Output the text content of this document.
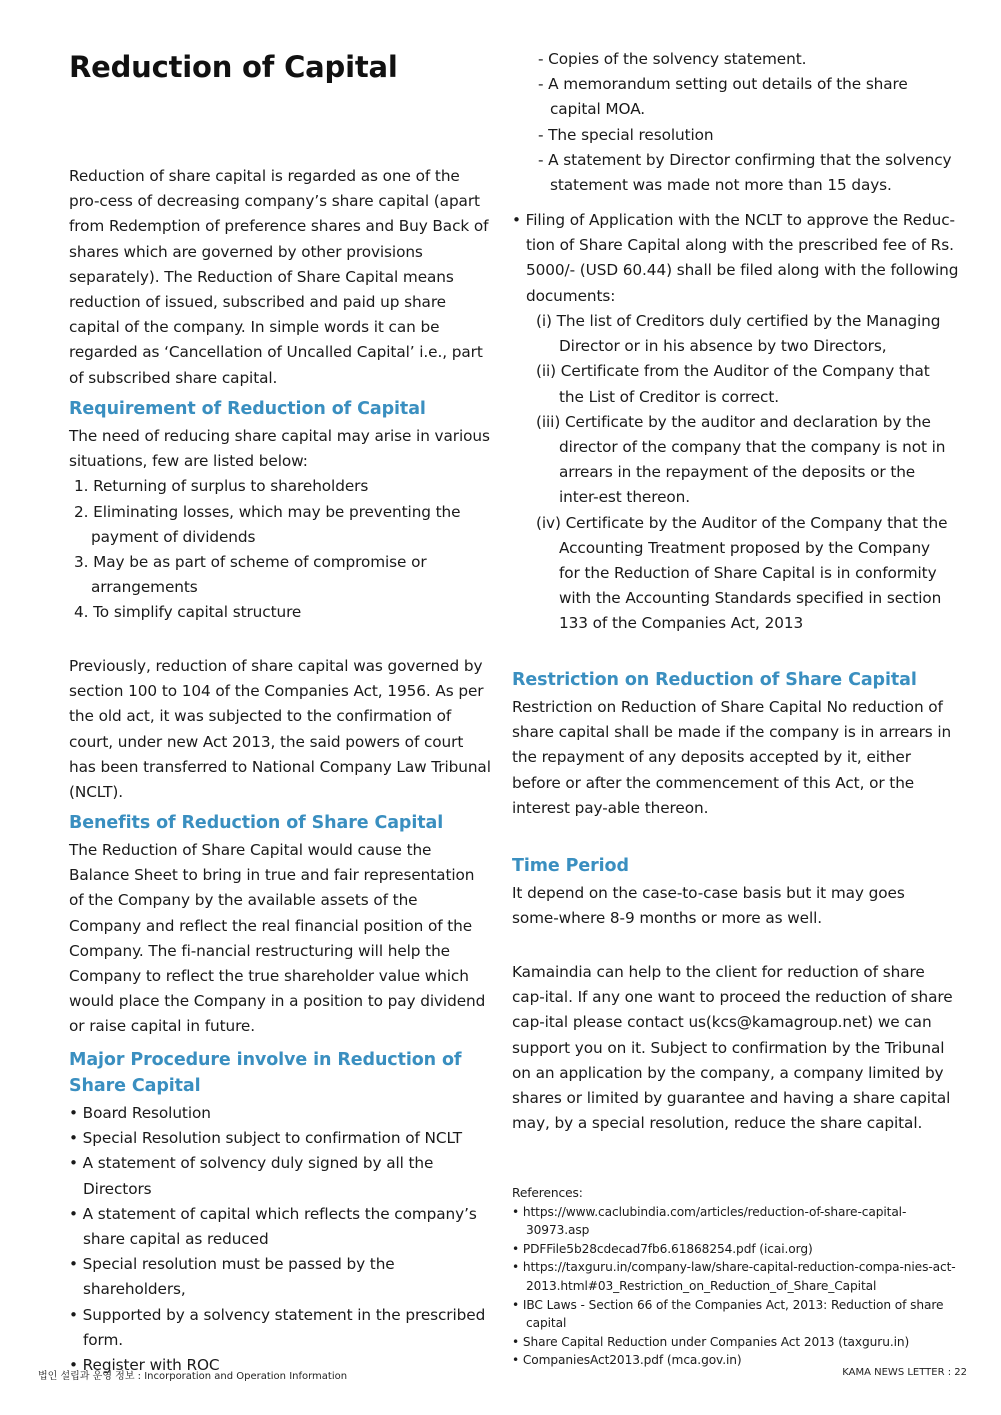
Reduction of Capital

Reduction of share capital is regarded as one of the pro-cess of decreasing company’s share capital (apart from Redemption of preference shares and Buy Back of shares which are governed by other provisions separately). The Reduction of Share Capital means reduction of issued, subscribed and paid up share capital of the company. In simple words it can be regarded as ‘Cancellation of Uncalled Capital’ i.e., part of subscribed share capital.

Requirement of Reduction of Capital

The need of reducing share capital may arise in various situations, few are listed below:

1. Returning of surplus to shareholders
2. Eliminating losses, which may be preventing the payment of dividends
3. May be as part of scheme of compromise or arrangements
4. To simplify capital structure

Previously, reduction of share capital was governed by section 100 to 104 of the Companies Act, 1956. As per the old act, it was subjected to the confirmation of court, under new Act 2013, the said powers of court has been transferred to National Company Law Tribunal (NCLT).

Benefits of Reduction of Share Capital

The Reduction of Share Capital would cause the Balance Sheet to bring in true and fair representation of the Company by the available assets of the Company and reflect the real financial position of the Company. The fi-nancial restructuring will help the Company to reflect the true shareholder value which would place the Company in a position to pay dividend or raise capital in future.

Major Procedure involve in Reduction of Share Capital
• Board Resolution
• Special Resolution subject to confirmation of NCLT
• A statement of solvency duly signed by all the Directors
• A statement of capital which reflects the company’s share capital as reduced
• Special resolution must be passed by the shareholders,
• Supported by a solvency statement in the prescribed form.
• Register with ROC
- Copies of the solvency statement.
- A memorandum setting out details of the share capital MOA.
- The special resolution
- A statement by Director confirming that the solvency statement was made not more than 15 days.

• Filing of Application with the NCLT to approve the Reduc-tion of Share Capital along with the prescribed fee of Rs. 5000/- (USD 60.44) shall be filed along with the following documents:

(i) The list of Creditors duly certified by the Managing Director or in his absence by two Directors,
(ii) Certificate from the Auditor of the Company that the List of Creditor is correct.
(iii) Certificate by the auditor and declaration by the director of the company that the company is not in arrears in the repayment of the deposits or the inter-est thereon.
(iv) Certificate by the Auditor of the Company that the Accounting Treatment proposed by the Company for the Reduction of Share Capital is in conformity with the Accounting Standards specified in section 133 of the Companies Act, 2013
Restriction on Reduction of Share Capital

Restriction on Reduction of Share Capital No reduction of share capital shall be made if the company is in arrears in the repayment of any deposits accepted by it, either before or after the commencement of this Act, or the interest pay-able thereon.

Time Period

It depend on the case-to-case basis but it may goes some-where 8-9 months or more as well.

Kamaindia can help to the client for reduction of share cap-ital. If any one want to proceed the reduction of share cap-ital please contact us(kcs@kamagroup.net) we can support you on it. Subject to confirmation by the Tribunal on an application by the company, a company limited by shares or limited by guarantee and having a share capital may, by a special resolution, reduce the share capital.

References:

• https://www.caclubindia.com/articles/reduction-of-share-capital-30973.asp
• PDFFile5b28cdecad7fb6.61868254.pdf (icai.org)
• https://taxguru.in/company-law/share-capital-reduction-compa-nies-act-2013.html#03_Restriction_on_Reduction_of_Share_Capital
• IBC Laws - Section 66 of the Companies Act, 2013: Reduction of share capital
• Share Capital Reduction under Companies Act 2013 (taxguru.in)
• CompaniesAct2013.pdf (mca.gov.in)
법인 설립과 운영 정보 : Incorporation and Operation Information	KAMA NEWS LETTER : 22
